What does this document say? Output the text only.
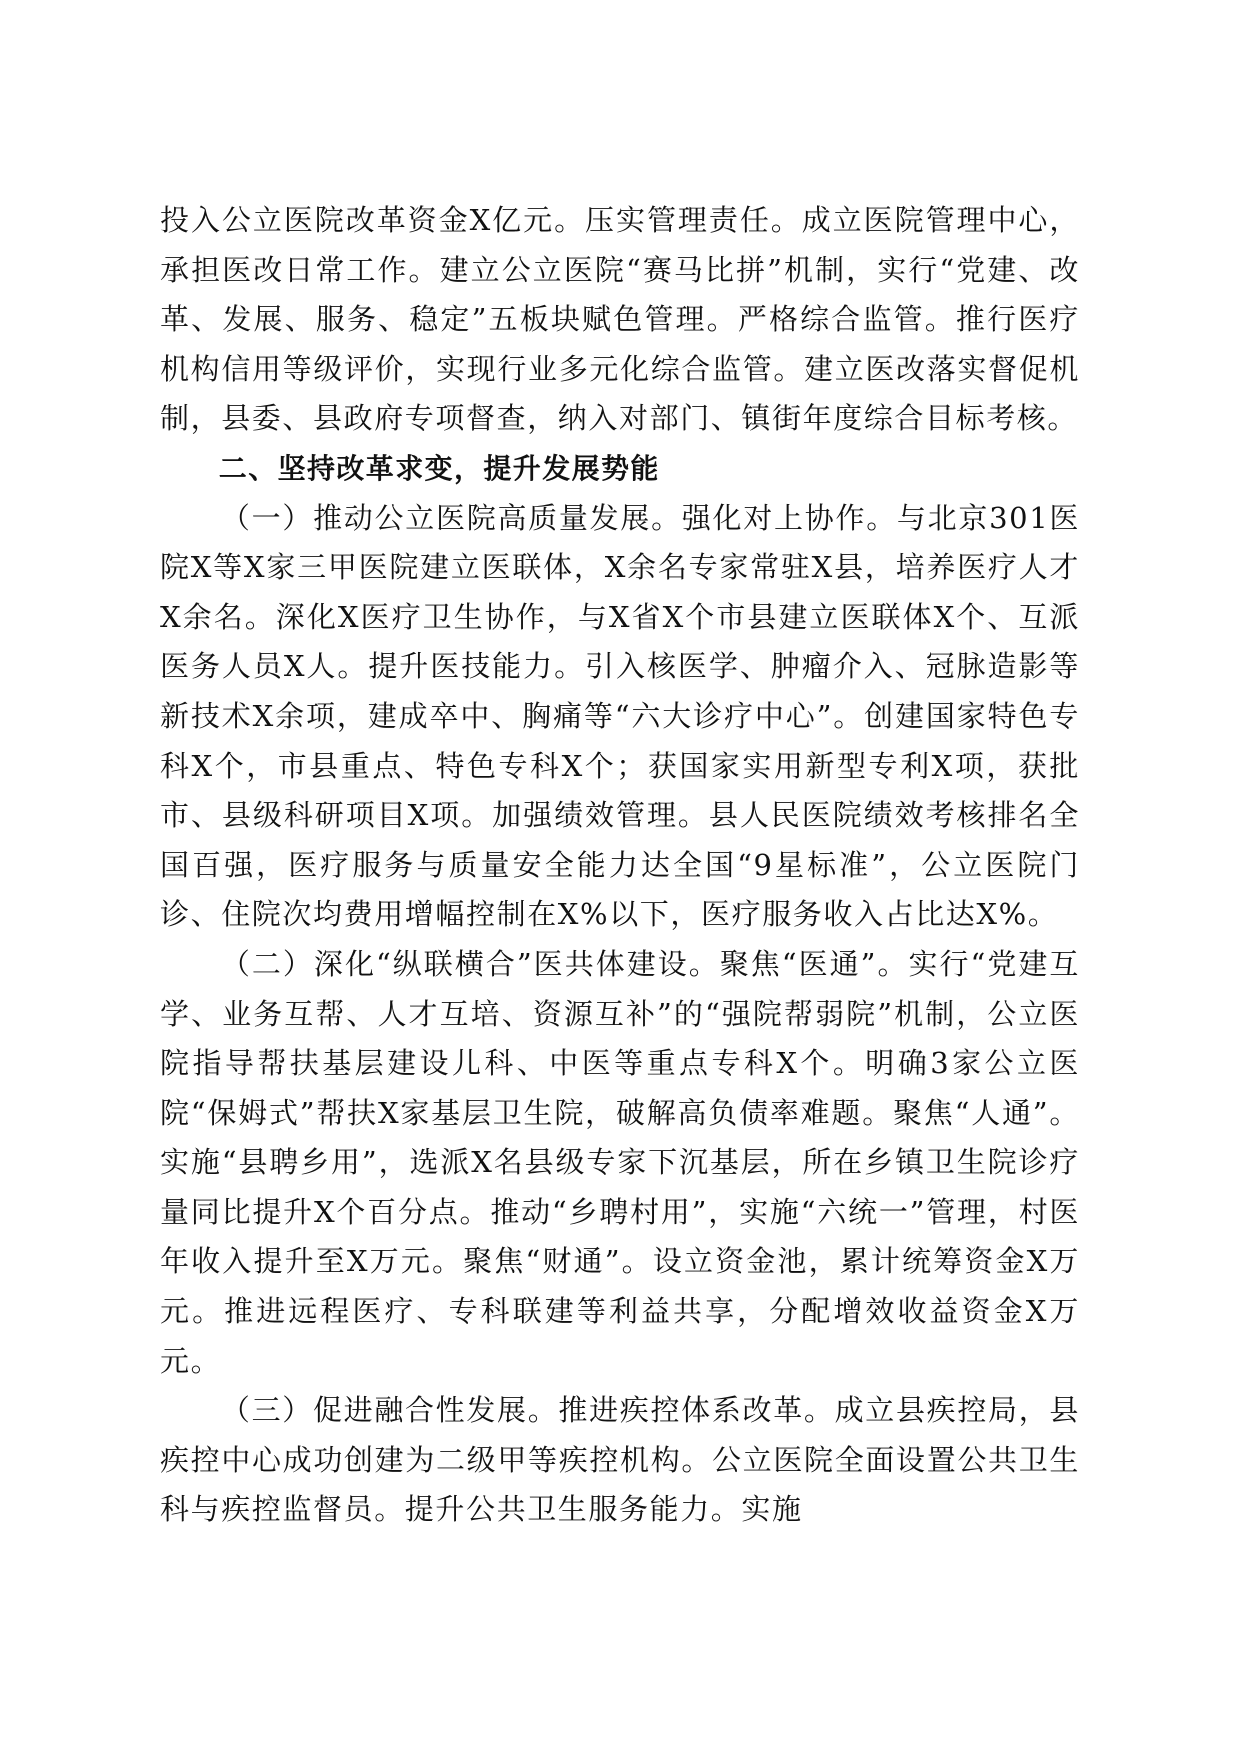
投入公立医院改革资金X亿元。压实管理责任。成立医院管理中心，承担医改日常工作。建立公立医院“赛马比拼”机制，实行“党建、改革、发展、服务、稳定”五板块赋色管理。严格综合监管。推行医疗机构信用等级评价，实现行业多元化综合监管。建立医改落实督促机制，县委、县政府专项督查，纳入对部门、镇街年度综合目标考核。

二、坚持改革求变，提升发展势能

（一）推动公立医院高质量发展。强化对上协作。与北京301医院X等X家三甲医院建立医联体，X余名专家常驻X县，培养医疗人才X余名。深化X医疗卫生协作，与X省X个市县建立医联体X个、互派医务人员X人。提升医技能力。引入核医学、肿瘤介入、冠脉造影等新技术X余项，建成卒中、胸痛等“六大诊疗中心”。创建国家特色专科X个，市县重点、特色专科X个；获国家实用新型专利X项，获批市、县级科研项目X项。加强绩效管理。县人民医院绩效考核排名全国百强，医疗服务与质量安全能力达全国“9星标准”，公立医院门诊、住院次均费用增幅控制在X%以下，医疗服务收入占比达X%。

（二）深化“纵联横合”医共体建设。聚焦“医通”。实行“党建互学、业务互帮、人才互培、资源互补”的“强院帮弱院”机制，公立医院指导帮扶基层建设儿科、中医等重点专科X个。明确3家公立医院“保姆式”帮扶X家基层卫生院，破解高负债率难题。聚焦“人通”。实施“县聘乡用”，选派X名县级专家下沉基层，所在乡镇卫生院诊疗量同比提升X个百分点。推动“乡聘村用”，实施“六统一”管理，村医年收入提升至X万元。聚焦“财通”。设立资金池，累计统筹资金X万元。推进远程医疗、专科联建等利益共享，分配增效收益资金X万元。

（三）促进融合性发展。推进疾控体系改革。成立县疾控局，县疾控中心成功创建为二级甲等疾控机构。公立医院全面设置公共卫生科与疾控监督员。提升公共卫生服务能力。实施
